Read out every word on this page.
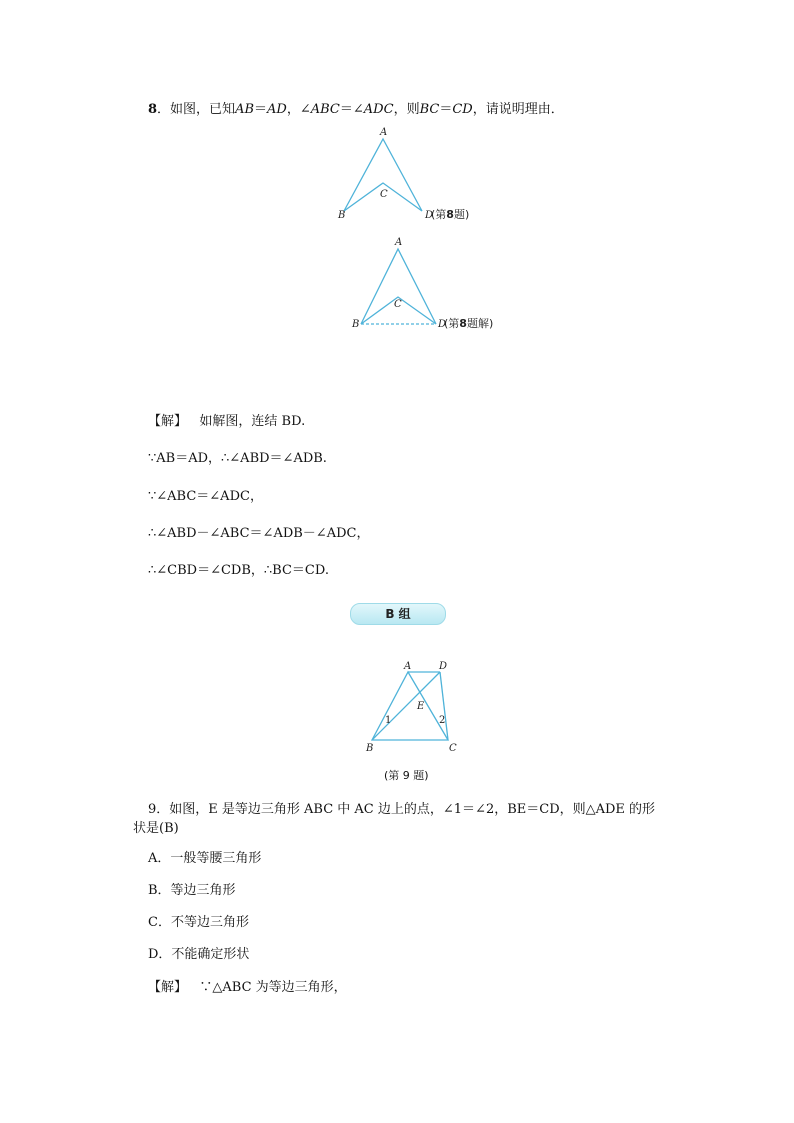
8．如图，已知AB＝AD，∠ABC＝∠ADC，则BC＝CD，请说明理由．
A
B
C
D
(第8题)
A
B
C
D
(第8题解)
【解】 如解图，连结 BD.
∵AB＝AD，∴∠ABD＝∠ADB.
∵∠ABC＝∠ADC，
∴∠ABD－∠ABC＝∠ADB－∠ADC，
∴∠CBD＝∠CDB，∴BC＝CD.
B 组
A	D
E
B	C
1	2
(第 9 题)
9．如图，E 是等边三角形 ABC 中 AC 边上的点，∠1＝∠2，BE＝CD，则△ADE 的形
状是(B)
A．一般等腰三角形
B．等边三角形
C．不等边三角形
D．不能确定形状
【解】 ∵△ABC 为等边三角形，
